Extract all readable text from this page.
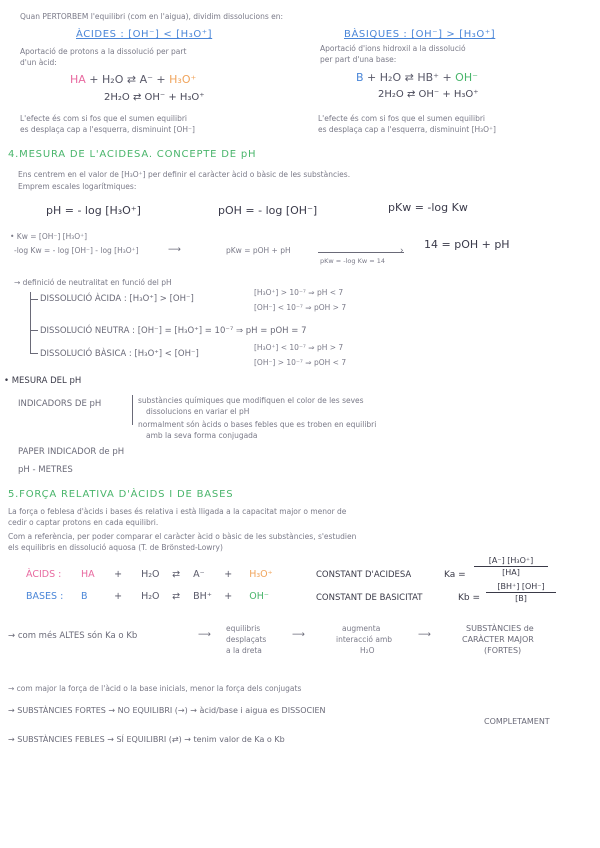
Quan PERTORBEM l'equilibri (com en l'aigua), dividim dissolucions en:
ÀCIDES : [OH⁻] < [H₃O⁺]
Aportació de protons a la dissolució per part
d'un àcid:
HA + H₂O ⇄ A⁻ + H₃O⁺
2H₂O ⇄ OH⁻ + H₃O⁺
L'efecte és com si fos que el sumen equilibri
es desplaça cap a l'esquerra, disminuint [OH⁻]
BÀSIQUES : [OH⁻] > [H₃O⁺]
Aportació d'ions hidroxil a la dissolució
per part d'una base:
B + H₂O ⇄ HB⁺ + OH⁻
2H₂O ⇄ OH⁻ + H₃O⁺
L'efecte és com si fos que el sumen equilibri
es desplaça cap a l'esquerra, disminuint [H₃O⁺]
4.MESURA DE L'ACIDESA. CONCEPTE DE pH
Ens centrem en el valor de [H₃O⁺] per definir el caràcter àcid o bàsic de les substàncies.
Emprem escales logarítmiques:
pH = - log [H₃O⁺]	pOH = - log [OH⁻]	pKw = -log Kw
• Kw = [OH⁻] [H₃O⁺]
-log Kw = - log [OH⁻] - log [H₃O⁺]	⟶	pKw = pOH + pH	›
pKw = -log Kw = 14
14 = pOH + pH
→ definició de neutralitat en funció del pH
DISSOLUCIÓ ÀCIDA : [H₃O⁺] > [OH⁻]
[H₃O⁺] > 10⁻⁷ ⇒ pH < 7
[OH⁻] < 10⁻⁷ ⇒ pOH > 7
DISSOLUCIÓ NEUTRA : [OH⁻] = [H₃O⁺] = 10⁻⁷ ⇒ pH = pOH = 7
DISSOLUCIÓ BÀSICA : [H₃O⁺] < [OH⁻]
[H₃O⁺] < 10⁻⁷ ⇒ pH > 7
[OH⁻] > 10⁻⁷ ⇒ pOH < 7
• MESURA DEL pH
INDICADORS DE pH	substàncies químiques que modifiquen el color de les seves
dissolucions en variar el pH
normalment són àcids o bases febles que es troben en equilibri
amb la seva forma conjugada
PAPER INDICADOR de pH
pH - METRES
5.FORÇA RELATIVA D'ÀCIDS I DE BASES
La força o feblesa d'àcids i bases és relativa i està lligada a la capacitat major o menor de
cedir o captar protons en cada equilibri.
Com a referència, per poder comparar el caràcter àcid o bàsic de les substàncies, s'estudien
els equilibris en dissolució aquosa (T. de Brönsted-Lowry)
ÀCIDS : HA + H₂O ⇄ A⁻ + H₃O⁺	CONSTANT D'ACIDESA	Ka =
[A⁻] [H₃O⁺]
[HA]
BASES : B	+ H₂O ⇄ BH⁺ + OH⁻	CONSTANT DE BASICITAT	Kb =
[BH⁺] [OH⁻]
[B]
→ com més ALTES són Ka o Kb	⟶
equilibris
desplaçats
a la dreta
⟶
augmenta
interacció amb
H₂O
⟶
SUBSTÀNCIES de
CARÀCTER MAJOR
(FORTES)
→ com major la força de l'àcid o la base inicials, menor la força dels conjugats
→ SUBSTÀNCIES FORTES → NO EQUILIBRI (→) → àcid/base i aigua es DISSOCIEN
COMPLETAMENT
→ SUBSTÀNCIES FEBLES → SÍ EQUILIBRI (⇄) → tenim valor de Ka o Kb
